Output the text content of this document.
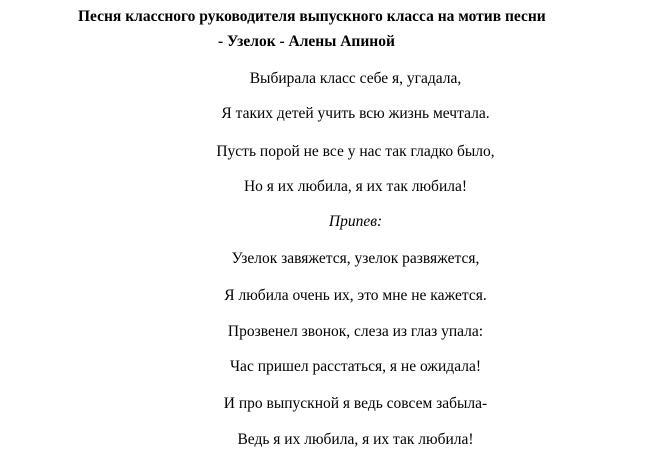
Песня классного руководителя выпускного класса на мотив песни
- Узелок - Алены Апиной
Выбирала класс себе я, угадала,
Я таких детей учить всю жизнь мечтала.
Пусть порой не все у нас так гладко было,
Но я их любила, я их так любила!
Припев:
Узелок завяжется, узелок развяжется,
Я любила очень их, это мне не кажется.
Прозвенел звонок, слеза из глаз упала:
Час пришел расстаться, я не ожидала!
И про выпускной я ведь совсем забыла-
Ведь я их любила, я их так любила!
